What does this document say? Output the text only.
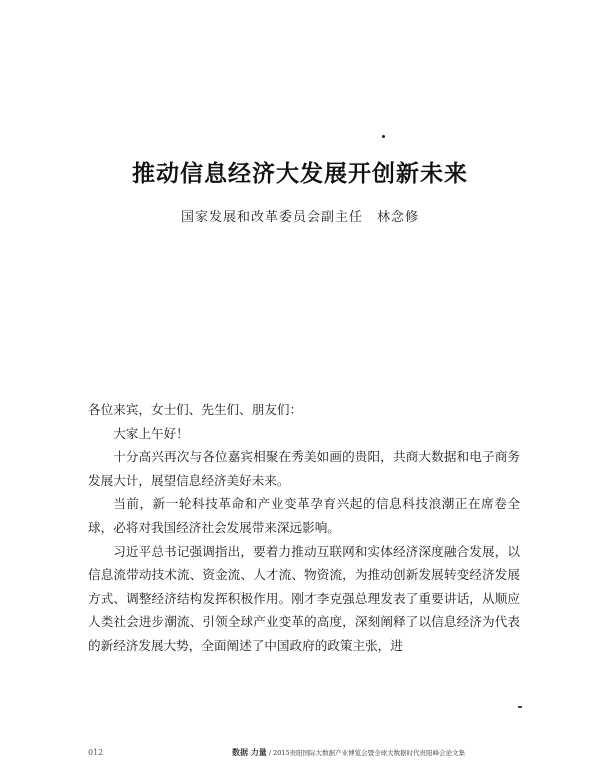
推动信息经济大发展开创新未来
国家发展和改革委员会副主任　林念修

各位来宾，女士们、先生们、朋友们：

大家上午好！

十分高兴再次与各位嘉宾相聚在秀美如画的贵阳，共商大数据和电子商务发展大计，展望信息经济美好未来。

当前，新一轮科技革命和产业变革孕育兴起的信息科技浪潮正在席卷全球，必将对我国经济社会发展带来深远影响。

习近平总书记强调指出，要着力推动互联网和实体经济深度融合发展，以信息流带动技术流、资金流、人才流、物资流，为推动创新发展转变经济发展方式、调整经济结构发挥积极作用。刚才李克强总理发表了重要讲话，从顺应人类社会进步潮流、引领全球产业变革的高度，深刻阐释了以信息经济为代表的新经济发展大势，全面阐述了中国政府的政策主张，进

012	数据 力量 / 2015贵阳国际大数据产业博览会暨全球大数据时代贵阳峰会论文集
